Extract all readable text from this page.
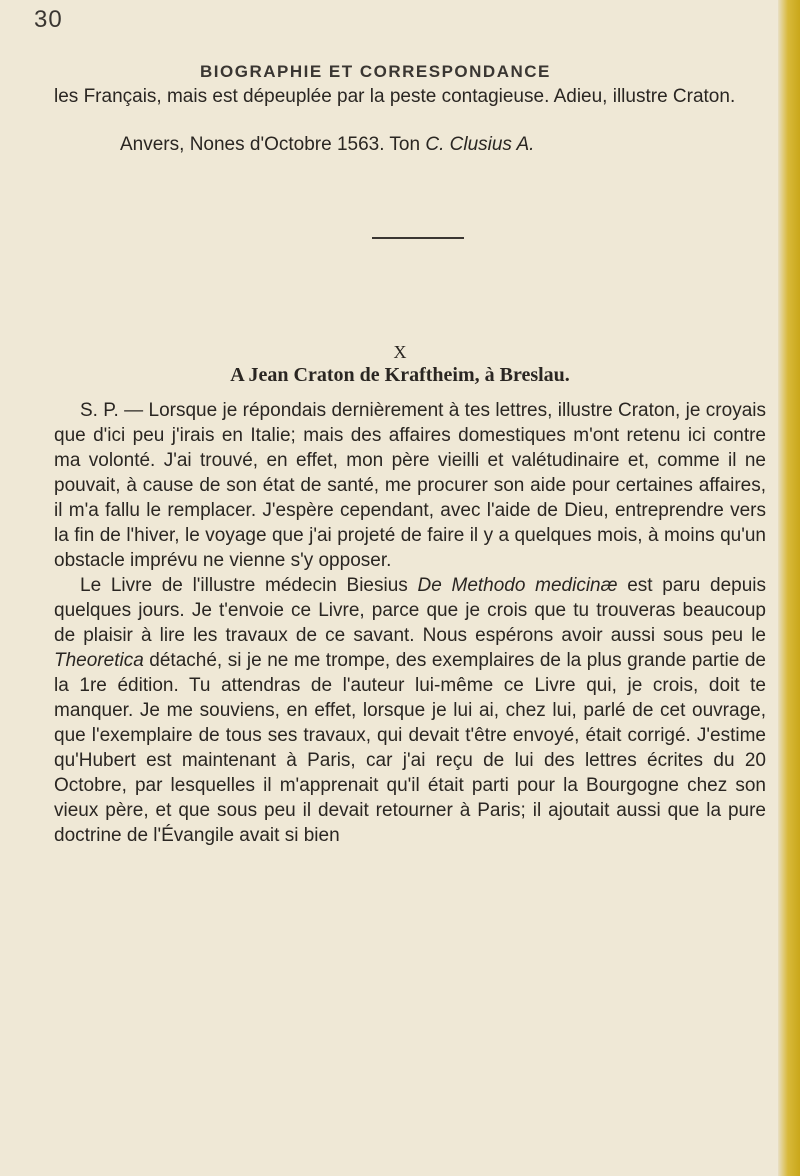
30
BIOGRAPHIE ET CORRESPONDANCE
les Français, mais est dépeuplée par la peste contagieuse. Adieu, illustre Craton.
Anvers, Nones d'Octobre 1563. Ton C. Clusius A.
X
A Jean Craton de Kraftheim, à Breslau.

S. P. — Lorsque je répondais dernièrement à tes lettres, illustre Craton, je croyais que d'ici peu j'irais en Italie; mais des affaires domestiques m'ont retenu ici contre ma volonté. J'ai trouvé, en effet, mon père vieilli et valétudinaire et, comme il ne pouvait, à cause de son état de santé, me procurer son aide pour certaines affaires, il m'a fallu le remplacer. J'espère cependant, avec l'aide de Dieu, entreprendre vers la fin de l'hiver, le voyage que j'ai projeté de faire il y a quelques mois, à moins qu'un obstacle imprévu ne vienne s'y opposer.

Le Livre de l'illustre médecin Biesius De Methodo medicinæ est paru depuis quelques jours. Je t'envoie ce Livre, parce que je crois que tu trouveras beaucoup de plaisir à lire les travaux de ce savant. Nous espérons avoir aussi sous peu le Theoretica détaché, si je ne me trompe, des exemplaires de la plus grande partie de la 1re édition. Tu attendras de l'auteur lui-même ce Livre qui, je crois, doit te manquer. Je me souviens, en effet, lorsque je lui ai, chez lui, parlé de cet ouvrage, que l'exemplaire de tous ses travaux, qui devait t'être envoyé, était corrigé. J'estime qu'Hubert est maintenant à Paris, car j'ai reçu de lui des lettres écrites du 20 Octobre, par lesquelles il m'apprenait qu'il était parti pour la Bourgogne chez son vieux père, et que sous peu il devait retourner à Paris; il ajoutait aussi que la pure doctrine de l'Évangile avait si bien
